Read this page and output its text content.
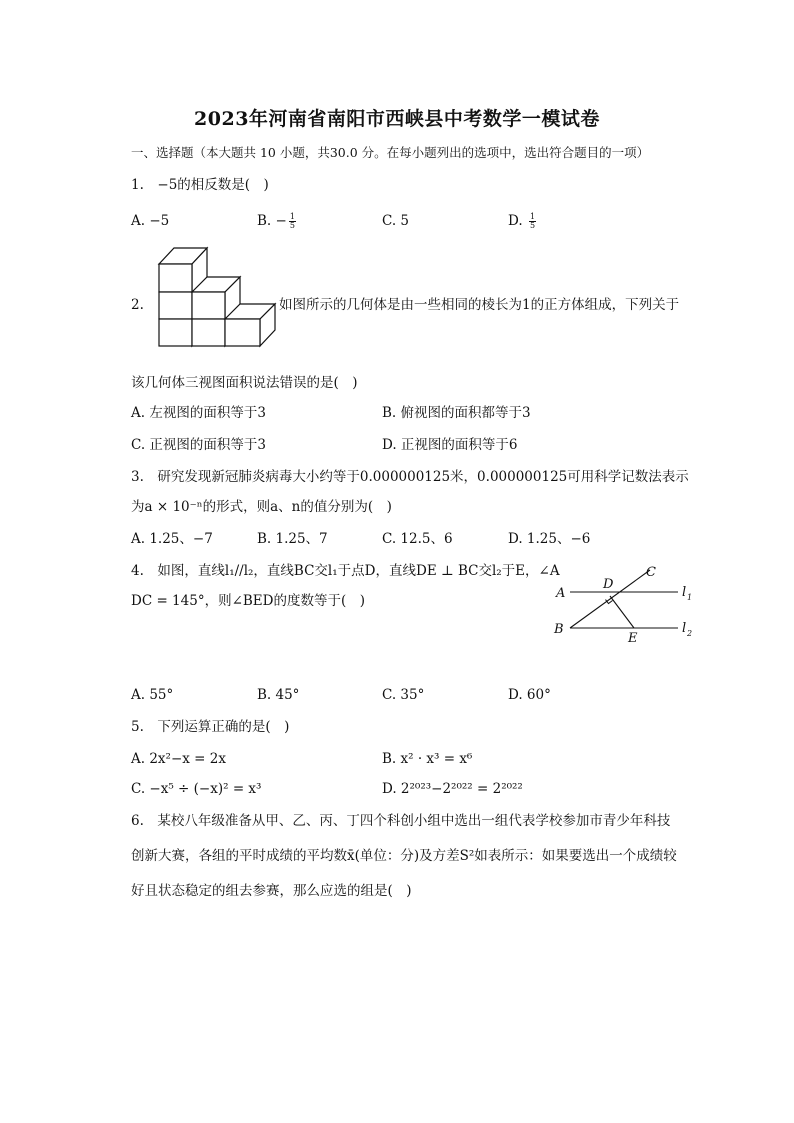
2023年河南省南阳市西峡县中考数学一模试卷
一、选择题（本大题共 10 小题，共30.0 分。在每小题列出的选项中，选出符合题目的一项）
1.　−5的相反数是(　)
A. −5	B. − $\frac{1}{5}$	C. 5	D. $\frac{1}{5}$
2.	如图所示的几何体是由一些相同的棱长为1的正方体组成，下列关于
该几何体三视图面积说法错误的是(　)
A. 左视图的面积等于3	B. 俯视图的面积都等于3
C. 正视图的面积等于3	D. 正视图的面积等于6
3.　研究发现新冠肺炎病毒大小约等于0.000000125米，0.000000125可用科学记数法表示
为a × 10⁻ⁿ的形式，则a、n的值分别为(　)
A. 1.25、−7	B. 1.25、7	C. 12.5、6	D. 1.25、−6
4.　如图，直线l₁//l₂，直线BC交l₁于点D，直线DE ⊥ BC交l₂于E，∠A
DC = 145°，则∠BED的度数等于(　)	A
B
C
D
E
l 1
l 2
A. 55°	B. 45°	C. 35°	D. 60°
5.　下列运算正确的是(　)
A. 2x²−x = 2x	B. x² · x³ = x⁶
C. −x⁵ ÷ (−x)² = x³	D. 2²⁰²³−2²⁰²² = 2²⁰²²
6.　某校八年级准备从甲、乙、丙、丁四个科创小组中选出一组代表学校参加市青少年科技
创新大赛，各组的平时成绩的平均数x̄(单位：分)及方差S²如表所示：如果要选出一个成绩较
好且状态稳定的组去参赛，那么应选的组是(　)
